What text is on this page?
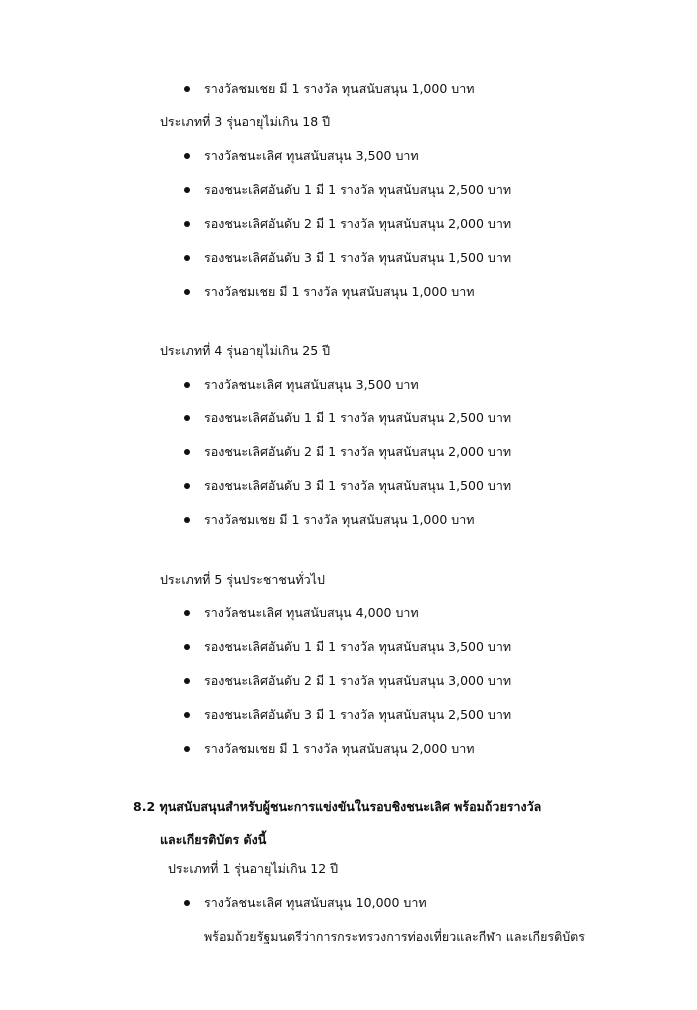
รางวัลชมเชย มี 1 รางวัล ทุนสนับสนุน 1,000 บาท
ประเภทที่ 3 รุ่นอายุไม่เกิน 18 ปี
รางวัลชนะเลิศ ทุนสนับสนุน 3,500 บาท
รองชนะเลิศอันดับ 1 มี 1 รางวัล ทุนสนับสนุน 2,500 บาท
รองชนะเลิศอันดับ 2 มี 1 รางวัล ทุนสนับสนุน 2,000 บาท
รองชนะเลิศอันดับ 3 มี 1 รางวัล ทุนสนับสนุน 1,500 บาท
รางวัลชมเชย มี 1 รางวัล ทุนสนับสนุน 1,000 บาท
ประเภทที่ 4 รุ่นอายุไม่เกิน 25 ปี
รางวัลชนะเลิศ ทุนสนับสนุน 3,500 บาท
รองชนะเลิศอันดับ 1 มี 1 รางวัล ทุนสนับสนุน 2,500 บาท
รองชนะเลิศอันดับ 2 มี 1 รางวัล ทุนสนับสนุน 2,000 บาท
รองชนะเลิศอันดับ 3 มี 1 รางวัล ทุนสนับสนุน 1,500 บาท
รางวัลชมเชย มี 1 รางวัล ทุนสนับสนุน 1,000 บาท
ประเภทที่ 5 รุ่นประชาชนทั่วไป
รางวัลชนะเลิศ ทุนสนับสนุน 4,000 บาท
รองชนะเลิศอันดับ 1 มี 1 รางวัล ทุนสนับสนุน 3,500 บาท
รองชนะเลิศอันดับ 2 มี 1 รางวัล ทุนสนับสนุน 3,000 บาท
รองชนะเลิศอันดับ 3 มี 1 รางวัล ทุนสนับสนุน 2,500 บาท
รางวัลชมเชย มี 1 รางวัล ทุนสนับสนุน 2,000 บาท
8.2 ทุนสนับสนุนสำหรับผู้ชนะการแข่งขันในรอบชิงชนะเลิศ พร้อมถ้วยรางวัล
และเกียรติบัตร ดังนี้
ประเภทที่ 1 รุ่นอายุไม่เกิน 12 ปี
รางวัลชนะเลิศ ทุนสนับสนุน 10,000 บาท
พร้อมถ้วยรัฐมนตรีว่าการกระทรวงการท่องเที่ยวและกีฬา และเกียรติบัตร
